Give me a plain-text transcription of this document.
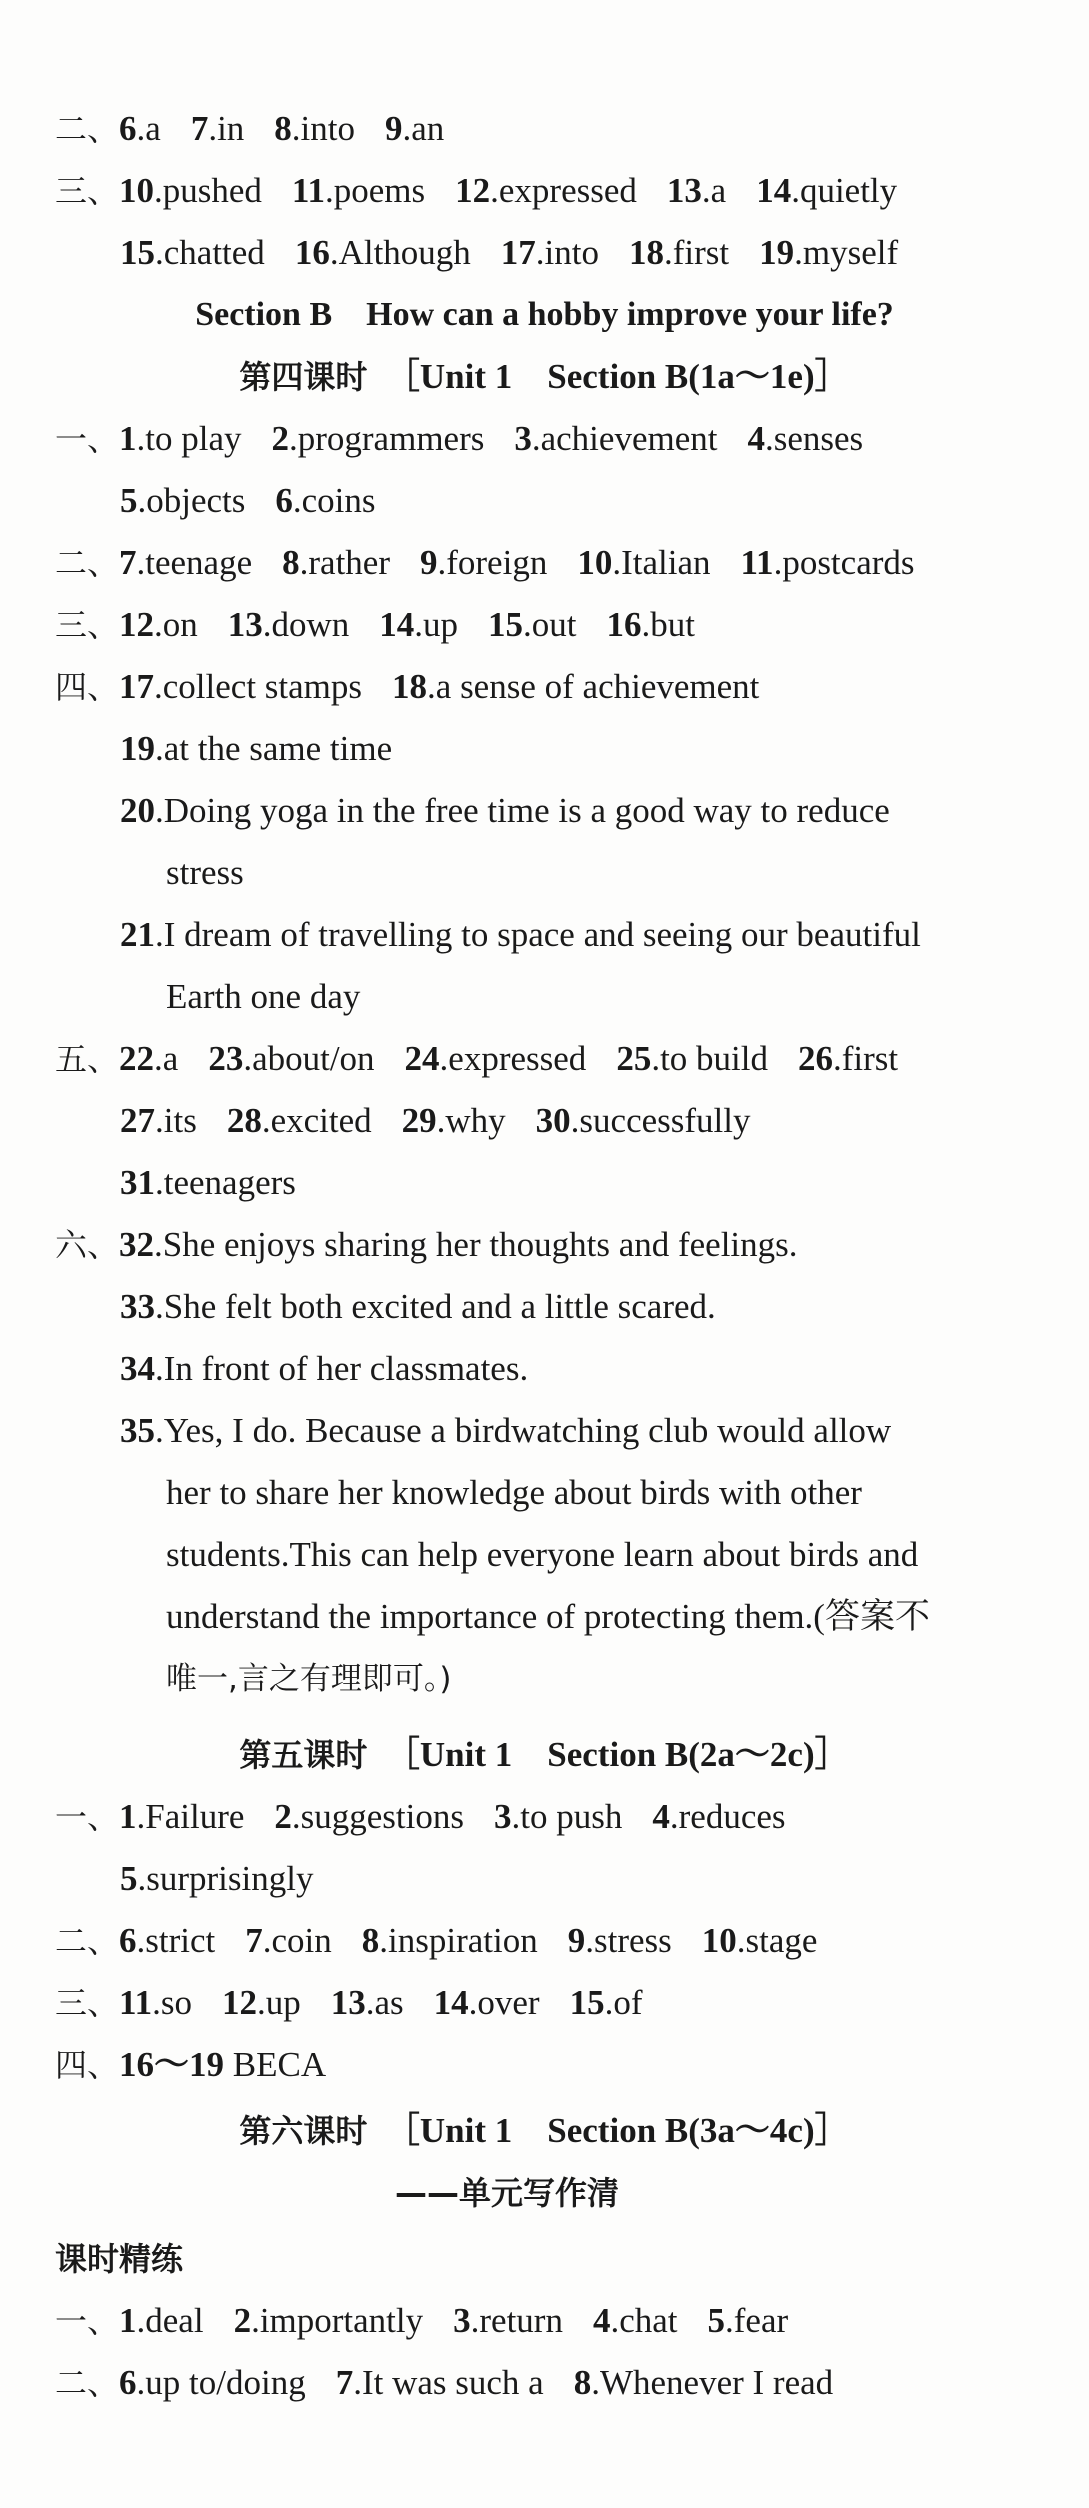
二、6.a 7.in 8.into 9.an
三、10.pushed 11.poems 12.expressed 13.a 14.quietly
15.chatted 16.Although 17.into 18.first 19.myself
Section B　How can a hobby improve your life?
第四课时 ［Unit 1　Section B(1a～1e)］
一、1.to play 2.programmers 3.achievement 4.senses
5.objects 6.coins
二、7.teenage 8.rather 9.foreign 10.Italian 11.postcards
三、12.on 13.down 14.up 15.out 16.but
四、17.collect stamps 18.a sense of achievement
19.at the same time
20.Doing yoga in the free time is a good way to reduce
stress
21.I dream of travelling to space and seeing our beautiful
Earth one day
五、22.a 23.about/on 24.expressed 25.to build 26.first
27.its 28.excited 29.why 30.successfully
31.teenagers
六、32.She enjoys sharing her thoughts and feelings.
33.She felt both excited and a little scared.
34.In front of her classmates.
35.Yes, I do. Because a birdwatching club would allow
her to share her knowledge about birds with other
students.This can help everyone learn about birds and
understand the importance of protecting them.(答案不
唯一,言之有理即可。)
第五课时 ［Unit 1　Section B(2a～2c)］
一、1.Failure 2.suggestions 3.to push 4.reduces
5.surprisingly
二、6.strict 7.coin 8.inspiration 9.stress 10.stage
三、11.so 12.up 13.as 14.over 15.of
四、16～19 BECA
第六课时 ［Unit 1　Section B(3a～4c)］
——单元写作清
课时精练
一、1.deal 2.importantly 3.return 4.chat 5.fear
二、6.up to/doing 7.It was such a 8.Whenever I read
